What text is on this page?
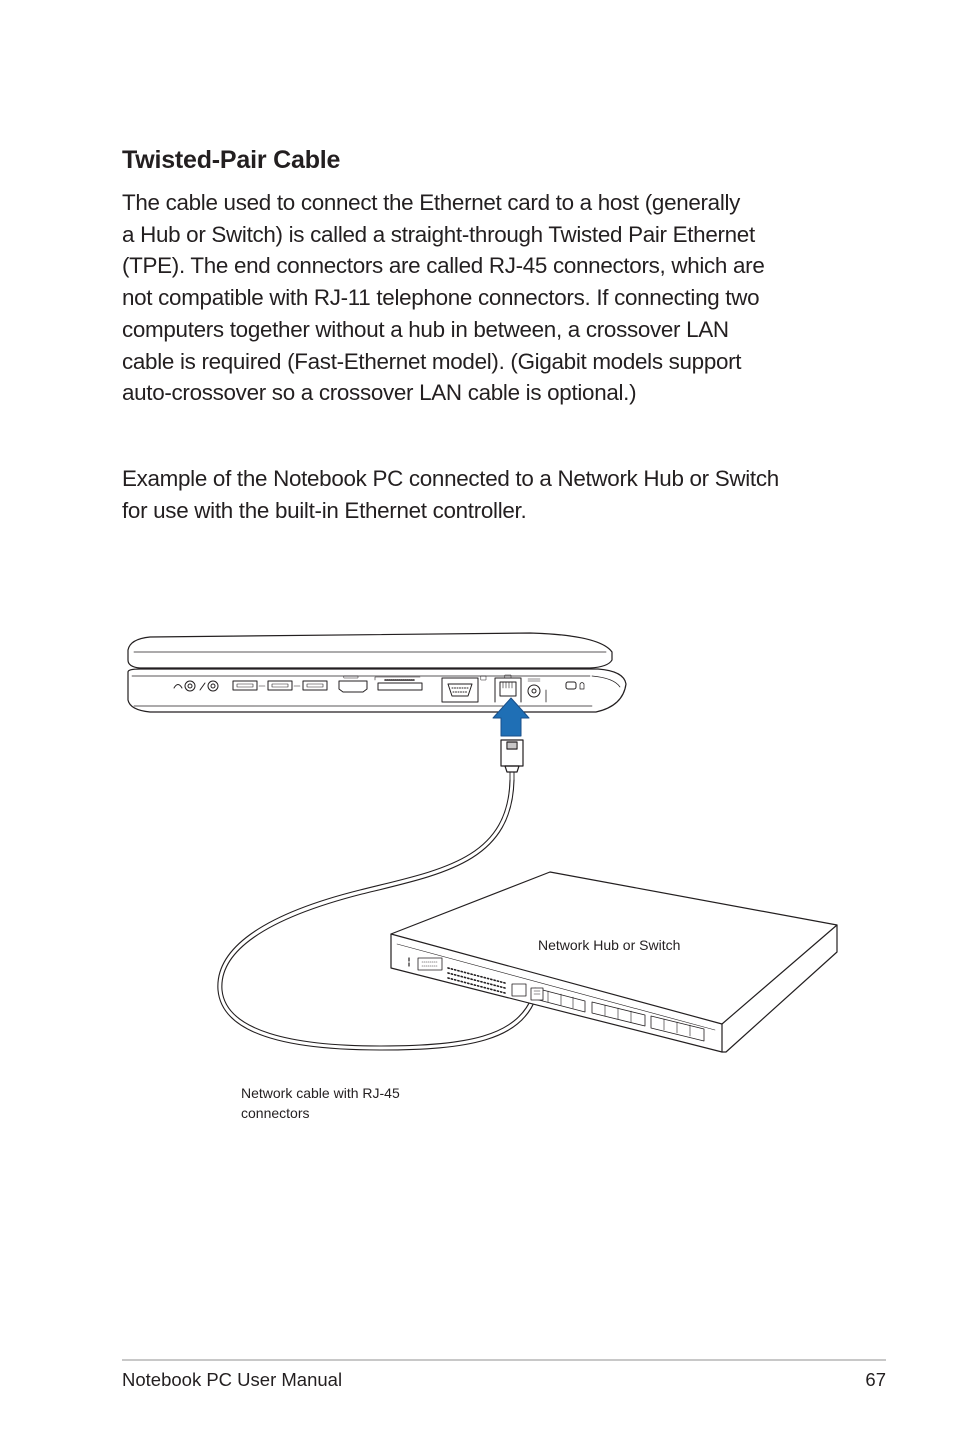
Twisted-Pair Cable
The cable used to connect the Ethernet card to a host (generally
a Hub or Switch) is called a straight-through Twisted Pair Ethernet
(TPE). The end connectors are called RJ-45 connectors, which are
not compatible with RJ-11 telephone connectors. If connecting two
computers together without a hub in between, a crossover LAN
cable is required (Fast-Ethernet model). (Gigabit models support
auto-crossover so a crossover LAN cable is optional.)
Example of the Notebook PC connected to a Network Hub or Switch
for use with the built-in Ethernet controller.
Network Hub or Switch
Network cable with RJ-45
connectors
Notebook PC User Manual	67
